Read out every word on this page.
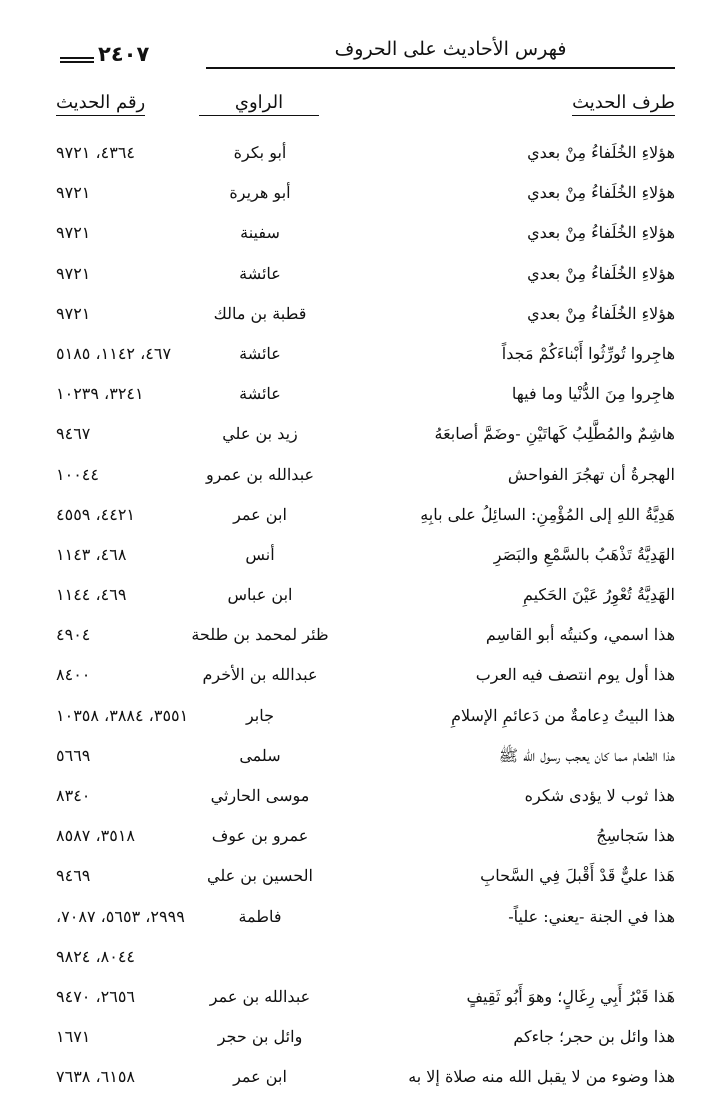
٢٤٠٧	فهرس الأحاديث على الحروف
طرف الحديث
الراوي
رقم الحديث
هؤلاءِ الخُلَفاءُ مِنْ بعدي
أبو بكرة
٤٣٦٤، ٩٧٢١
هؤلاءِ الخُلَفاءُ مِنْ بعدي
أبو هريرة
٩٧٢١
هؤلاءِ الخُلَفاءُ مِنْ بعدي
سفينة
٩٧٢١
هؤلاءِ الخُلَفاءُ مِنْ بعدي
عائشة
٩٧٢١
هؤلاءِ الخُلَفاءُ مِنْ بعدي
قطبة بن مالك
٩٧٢١
هاجِروا تُورِّثُوا أَبْناءَكُمْ مَجداً
عائشة
٤٦٧، ١١٤٢، ٥١٨٥
هاجِروا مِنَ الدُّنْيا وما فيها
عائشة
٣٢٤١، ١٠٢٣٩
هاشِمٌ والمُطَّلِبُ كَهاتَيْنِ -وضَمَّ أصابعَهُ
زيد بن علي
٩٤٦٧
الهجرةُ أن تهجُرَ الفواحش
عبدالله بن عمرو
١٠٠٤٤
هَدِيَّةُ اللهِ إلى المُؤْمِنِ: السائِلُ على بابِهِ
ابن عمر
٤٤٢١، ٤٥٥٩
الهَدِيَّةُ تَذْهَبُ بالسَّمْعِ والبَصَرِ
أنس
٤٦٨، ١١٤٣
الهَدِيَّةُ تُعْوِرُ عَيْنَ الحَكيمِ
ابن عباس
٤٦٩، ١١٤٤
هذا اسمي، وكنيتُه أبو القاسِم
ظئر لمحمد بن طلحة
٤٩٠٤
هذا أول يوم انتصف فيه العرب
عبدالله بن الأخرم
٨٤٠٠
هذا البيتُ دِعامةٌ من دَعائمِ الإسلامِ
جابر
٣٥٥١، ٣٨٨٤، ١٠٣٥٨
هذا الطعام مما كان يعجب رسول الله ﷺ
سلمى
٥٦٦٩
هذا ثوب لا يؤدى شكره
موسى الحارثي
٨٣٤٠
هذا سَجاسِجُ
عمرو بن عوف
٣٥١٨، ٨٥٨٧
هَذا عليٌّ قَدْ أَقْبلَ فِي السَّحابِ
الحسين بن علي
٩٤٦٩
هذا في الجنة -يعني: علياً-
فاطمة
٢٩٩٩، ٥٦٥٣، ٧٠٨٧،
٨٠٤٤، ٩٨٢٤
هَذا قَبْرُ أَبِي رِغَالٍ؛ وهوَ أَبُو ثَقِيفٍ
عبدالله بن عمر
٢٦٥٦، ٩٤٧٠
هذا وائل بن حجر؛ جاءكم
وائل بن حجر
١٦٧١
هذا وضوء من لا يقبل الله منه صلاة إلا به
ابن عمر
٦١٥٨، ٧٦٣٨
